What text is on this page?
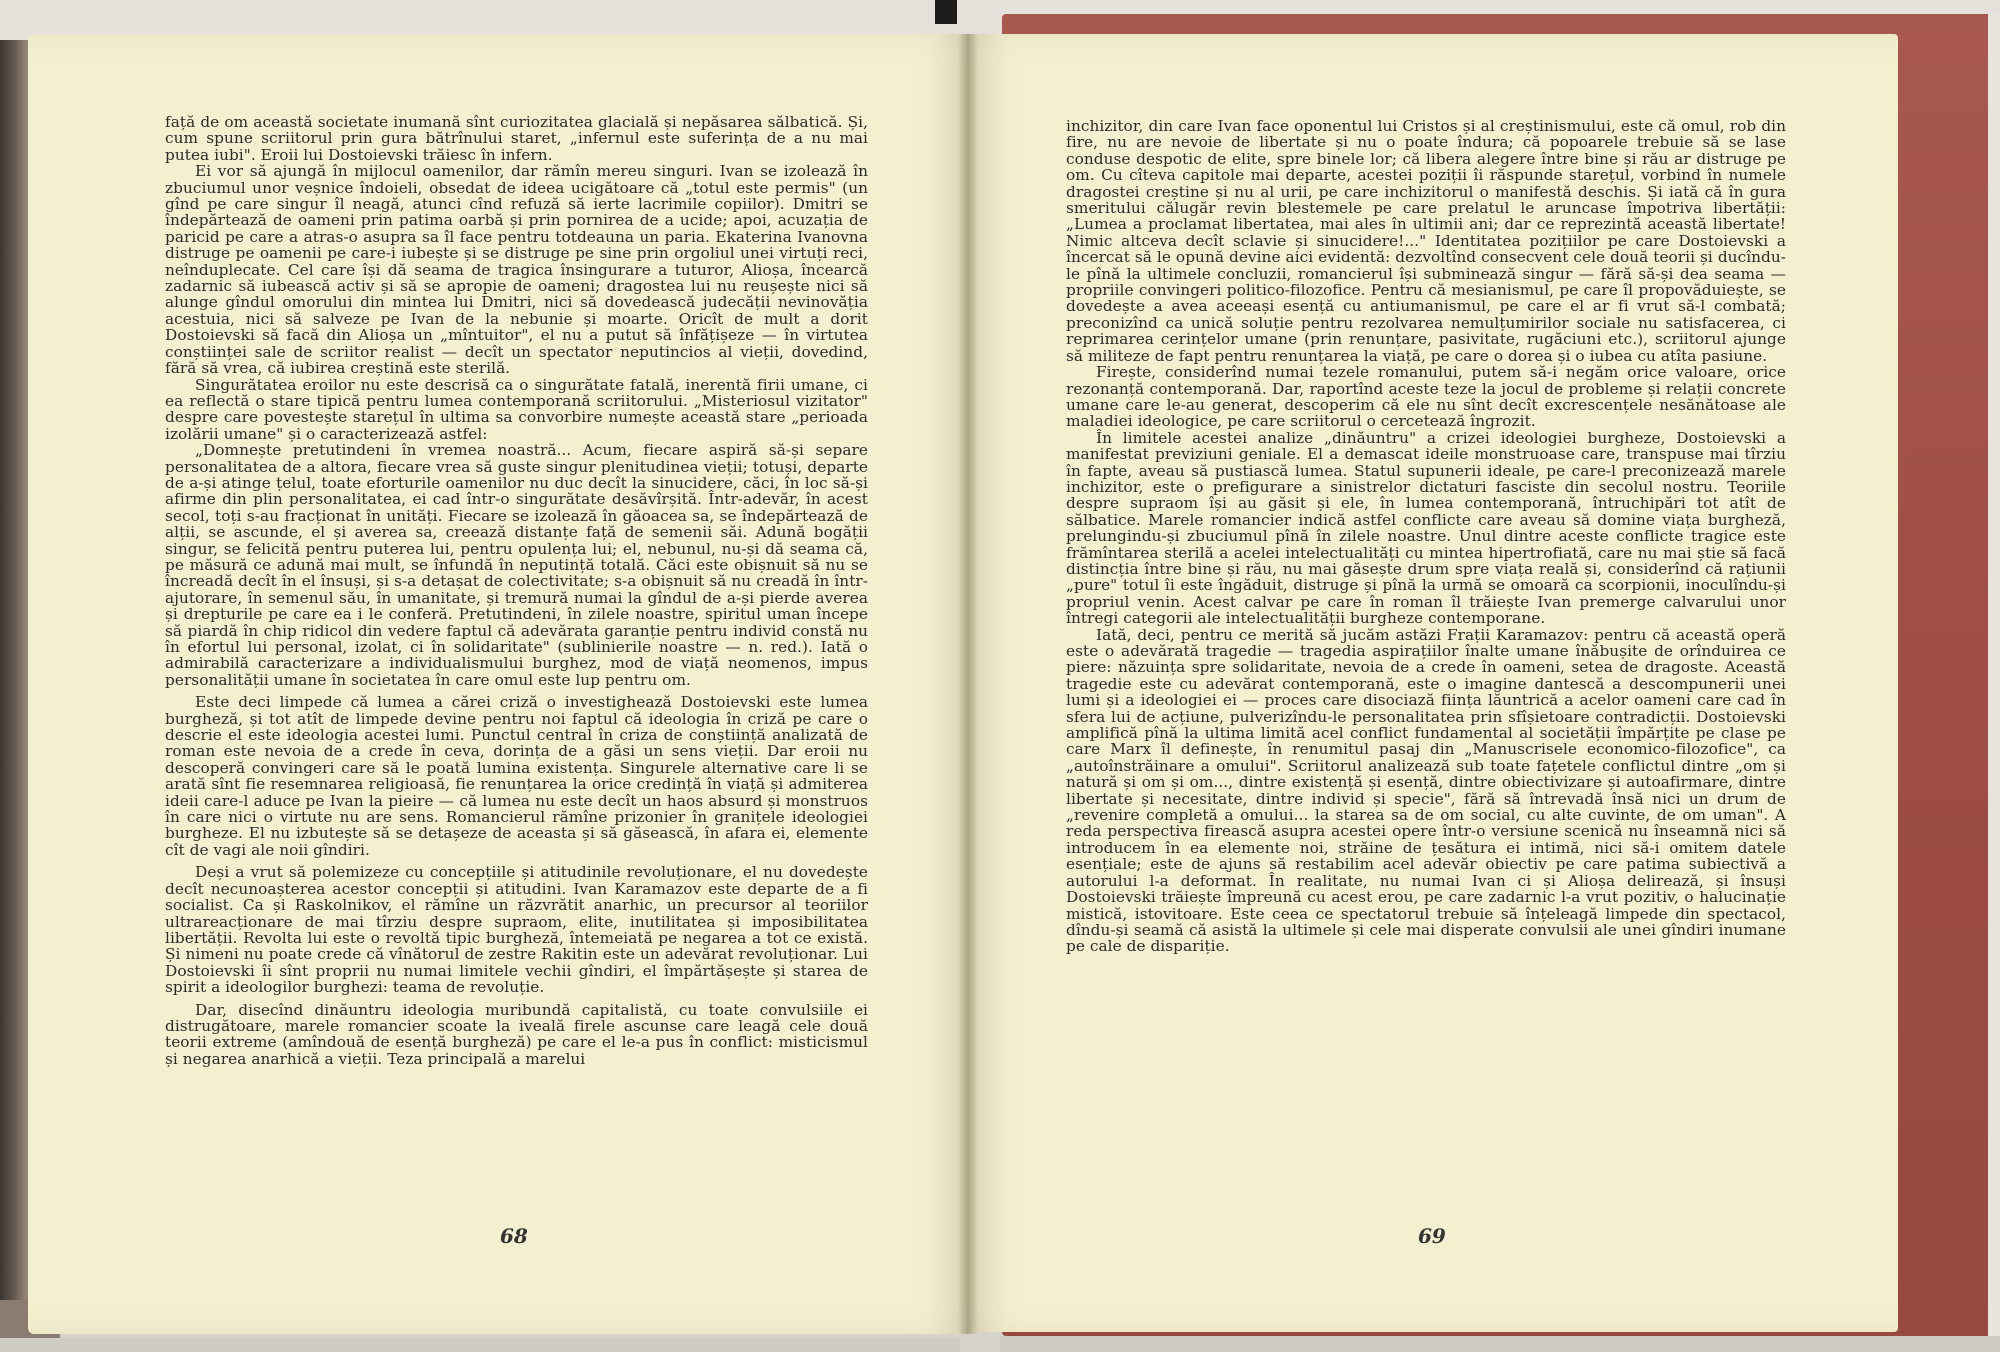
față de om această societate inumană sînt curiozitatea glacială și nepăsarea sălbatică. Și, cum spune scriitorul prin gura bătrînului staret, „infernul este suferința de a nu mai putea iubi". Eroii lui Dostoievski trăiesc în infern.

Ei vor să ajungă în mijlocul oamenilor, dar rămîn mereu singuri. Ivan se izolează în zbuciumul unor veșnice îndoieli, obsedat de ideea ucigătoare că „totul este permis" (un gînd pe care singur îl neagă, atunci cînd refuză să ierte lacrimile copiilor). Dmitri se îndepărtează de oameni prin patima oarbă și prin pornirea de a ucide; apoi, acuzația de paricid pe care a atras-o asupra sa îl face pentru totdeauna un paria. Ekaterina Ivanovna distruge pe oamenii pe care-i iubește și se distruge pe sine prin orgoliul unei virtuți reci, neînduplecate. Cel care își dă seama de tragica însingurare a tuturor, Alioșa, încearcă zadarnic să iubească activ și să se apropie de oameni; dragostea lui nu reușește nici să alunge gîndul omorului din mintea lui Dmitri, nici să dovedească judecății nevinovăția acestuia, nici să salveze pe Ivan de la nebunie și moarte. Oricît de mult a dorit Dostoievski să facă din Alioșa un „mîntuitor", el nu a putut să înfățișeze — în virtutea conștiinței sale de scriitor realist — decît un spectator neputincios al vieții, dovedind, fără să vrea, că iubirea creștină este sterilă.

Singurătatea eroilor nu este descrisă ca o singurătate fatală, inerentă firii umane, ci ea reflectă o stare tipică pentru lumea contemporană scriitorului. „Misteriosul vizitator" despre care povestește starețul în ultima sa convorbire numește această stare „perioada izolării umane" și o caracterizează astfel:

„Domnește pretutindeni în vremea noastră... Acum, fiecare aspiră să-și separe personalitatea de a altora, fiecare vrea să guste singur plenitudinea vieții; totuși, departe de a-și atinge țelul, toate eforturile oamenilor nu duc decît la sinucidere, căci, în loc să-și afirme din plin personalitatea, ei cad într-o singurătate desăvîrșită. Într-adevăr, în acest secol, toți s-au fracționat în unități. Fiecare se izolează în găoacea sa, se îndepărtează de alții, se ascunde, el și averea sa, creează distanțe față de semenii săi. Adună bogății singur, se felicită pentru puterea lui, pentru opulența lui; el, nebunul, nu-și dă seama că, pe măsură ce adună mai mult, se înfundă în neputință totală. Căci este obișnuit să nu se încreadă decît în el însuși, și s-a detașat de colectivitate; s-a obișnuit să nu creadă în într-ajutorare, în semenul său, în umanitate, și tremură numai la gîndul de a-și pierde averea și drepturile pe care ea i le conferă. Pretutindeni, în zilele noastre, spiritul uman începe să piardă în chip ridicol din vedere faptul că adevărata garanție pentru individ constă nu în efortul lui personal, izolat, ci în solidaritate" (sublinierile noastre — n. red.). Iată o admirabilă caracterizare a individualismului burghez, mod de viață neomenos, impus personalității umane în societatea în care omul este lup pentru om.

Este deci limpede că lumea a cărei criză o investighează Dostoievski este lumea burgheză, și tot atît de limpede devine pentru noi faptul că ideologia în criză pe care o descrie el este ideologia acestei lumi. Punctul central în criza de conștiință analizată de roman este nevoia de a crede în ceva, dorința de a găsi un sens vieții. Dar eroii nu descoperă convingeri care să le poată lumina existența. Singurele alternative care li se arată sînt fie resemnarea religioasă, fie renunțarea la orice credință în viață și admiterea ideii care-l aduce pe Ivan la pieire — că lumea nu este decît un haos absurd și monstruos în care nici o virtute nu are sens. Romancierul rămîne prizonier în granițele ideologiei burgheze. El nu izbutește să se detașeze de aceasta și să găsească, în afara ei, elemente cît de vagi ale noii gîndiri.

Deși a vrut să polemizeze cu concepțiile și atitudinile revoluționare, el nu dovedește decît necunoașterea acestor concepții și atitudini. Ivan Karamazov este departe de a fi socialist. Ca și Raskolnikov, el rămîne un răzvrătit anarhic, un precursor al teoriilor ultrareacționare de mai tîrziu despre supraom, elite, inutilitatea și imposibilitatea libertății. Revolta lui este o revoltă tipic burgheză, întemeiată pe negarea a tot ce există. Și nimeni nu poate crede că vînătorul de zestre Rakitin este un adevărat revoluționar. Lui Dostoievski îi sînt proprii nu numai limitele vechii gîndiri, el împărtășește și starea de spirit a ideologilor burghezi: teama de revoluție.

Dar, disecînd dinăuntru ideologia muribundă capitalistă, cu toate convulsiile ei distrugătoare, marele romancier scoate la iveală firele ascunse care leagă cele două teorii extreme (amîndouă de esență burgheză) pe care el le-a pus în conflict: misticismul și negarea anarhică a vieții. Teza principală a marelui

inchizitor, din care Ivan face oponentul lui Cristos și al creștinismului, este că omul, rob din fire, nu are nevoie de libertate și nu o poate îndura; că popoarele trebuie să se lase conduse despotic de elite, spre binele lor; că libera alegere între bine și rău ar distruge pe om. Cu cîteva capitole mai departe, acestei poziții îi răspunde starețul, vorbind în numele dragostei creștine și nu al urii, pe care inchizitorul o manifestă deschis. Și iată că în gura smeritului călugăr revin blestemele pe care prelatul le aruncase împotriva libertății: „Lumea a proclamat libertatea, mai ales în ultimii ani; dar ce reprezintă această libertate! Nimic altceva decît sclavie și sinucidere!..." Identitatea pozițiilor pe care Dostoievski a încercat să le opună devine aici evidentă: dezvoltînd consecvent cele două teorii și ducîndu-le pînă la ultimele concluzii, romancierul își subminează singur — fără să-și dea seama — propriile convingeri politico-filozofice. Pentru că mesianismul, pe care îl propovăduiește, se dovedește a avea aceeași esență cu antiumanismul, pe care el ar fi vrut să-l combată; preconizînd ca unică soluție pentru rezolvarea nemulțumirilor sociale nu satisfacerea, ci reprimarea cerințelor umane (prin renunțare, pasivitate, rugăciuni etc.), scriitorul ajunge să militeze de fapt pentru renunțarea la viață, pe care o dorea și o iubea cu atîta pasiune.

Firește, considerînd numai tezele romanului, putem să-i negăm orice valoare, orice rezonanță contemporană. Dar, raportînd aceste teze la jocul de probleme și relații concrete umane care le-au generat, descoperim că ele nu sînt decît excrescențele nesănătoase ale maladiei ideologice, pe care scriitorul o cercetează îngrozit.

În limitele acestei analize „dinăuntru" a crizei ideologiei burgheze, Dostoievski a manifestat previziuni geniale. El a demascat ideile monstruoase care, transpuse mai tîrziu în fapte, aveau să pustiască lumea. Statul supunerii ideale, pe care-l preconizează marele inchizitor, este o prefigurare a sinistrelor dictaturi fasciste din secolul nostru. Teoriile despre supraom își au găsit și ele, în lumea contemporană, întruchipări tot atît de sălbatice. Marele romancier indică astfel conflicte care aveau să domine viața burgheză, prelungindu-și zbuciumul pînă în zilele noastre. Unul dintre aceste conflicte tragice este frămîntarea sterilă a acelei intelectualități cu mintea hipertrofiată, care nu mai știe să facă distincția între bine și rău, nu mai găsește drum spre viața reală și, considerînd că rațiunii „pure" totul îi este îngăduit, distruge și pînă la urmă se omoară ca scorpionii, inoculîndu-și propriul venin. Acest calvar pe care în roman îl trăiește Ivan premerge calvarului unor întregi categorii ale intelectualității burgheze contemporane.

Iată, deci, pentru ce merită să jucăm astăzi Frații Karamazov: pentru că această operă este o adevărată tragedie — tragedia aspirațiilor înalte umane înăbușite de orînduirea ce piere: năzuința spre solidaritate, nevoia de a crede în oameni, setea de dragoste. Această tragedie este cu adevărat contemporană, este o imagine dantescă a descompunerii unei lumi și a ideologiei ei — proces care disociază ființa lăuntrică a acelor oameni care cad în sfera lui de acțiune, pulverizîndu-le personalitatea prin sfîșietoare contradicții. Dostoievski amplifică pînă la ultima limită acel conflict fundamental al societății împărțite pe clase pe care Marx îl definește, în renumitul pasaj din „Manuscrisele economico-filozofice", ca „autoînstrăinare a omului". Scriitorul analizează sub toate fațetele conflictul dintre „om și natură și om și om..., dintre existență și esență, dintre obiectivizare și autoafirmare, dintre libertate și necesitate, dintre individ și specie", fără să întrevadă însă nici un drum de „revenire completă a omului... la starea sa de om social, cu alte cuvinte, de om uman". A reda perspectiva firească asupra acestei opere într-o versiune scenică nu înseamnă nici să introducem în ea elemente noi, străine de țesătura ei intimă, nici să-i omitem datele esențiale; este de ajuns să restabilim acel adevăr obiectiv pe care patima subiectivă a autorului l-a deformat. În realitate, nu numai Ivan ci și Alioșa delirează, și însuși Dostoievski trăiește împreună cu acest erou, pe care zadarnic l-a vrut pozitiv, o halucinație mistică, istovitoare. Este ceea ce spectatorul trebuie să înțeleagă limpede din spectacol, dîndu-și seamă că asistă la ultimele și cele mai disperate convulsii ale unei gîndiri inumane pe cale de dispariție.

68	69
